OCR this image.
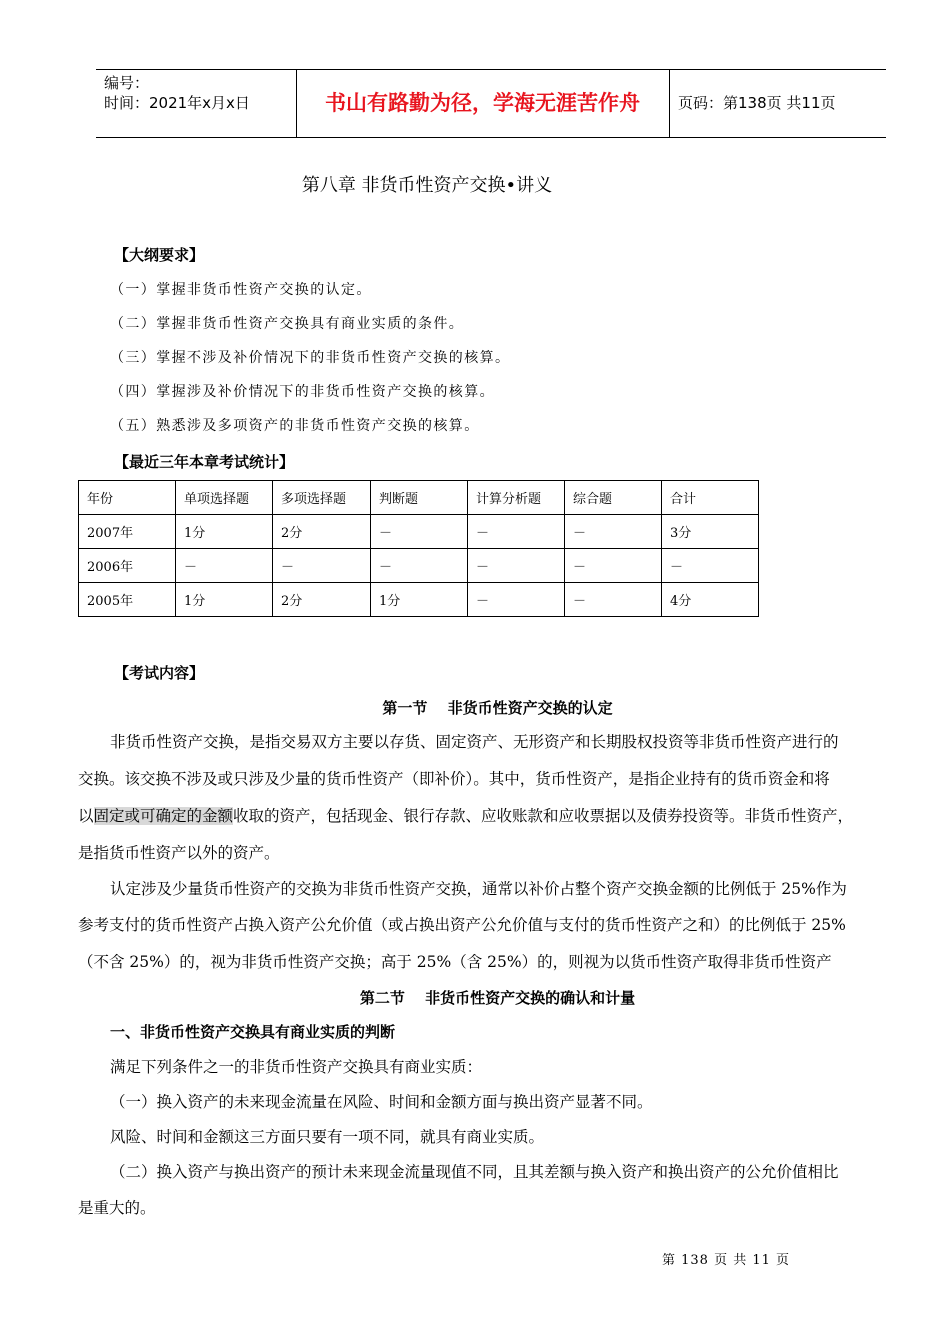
编号：
时间：2021年x月x日	书山有路勤为径，学海无涯苦作舟	页码：第138页 共11页
第八章 非货币性资产交换•讲义
【大纲要求】
（一）掌握非货币性资产交换的认定。
（二）掌握非货币性资产交换具有商业实质的条件。
（三）掌握不涉及补价情况下的非货币性资产交换的核算。
（四）掌握涉及补价情况下的非货币性资产交换的核算。
（五）熟悉涉及多项资产的非货币性资产交换的核算。
【最近三年本章考试统计】
年份	单项选择题	多项选择题	判断题	计算分析题	综合题	合计
2007年	1分	2分	－	－	－	3分
2006年	－	－	－	－	－	－
2005年	1分	2分	1分	－	－	4分
【考试内容】
第一节　 非货币性资产交换的认定
非货币性资产交换，是指交易双方主要以存货、固定资产、无形资产和长期股权投资等非货币性资产进行的
交换。该交换不涉及或只涉及少量的货币性资产（即补价）。其中，货币性资产，是指企业持有的货币资金和将
以固定或可确定的金额收取的资产，包括现金、银行存款、应收账款和应收票据以及债券投资等。非货币性资产，
是指货币性资产以外的资产。
认定涉及少量货币性资产的交换为非货币性资产交换，通常以补价占整个资产交换金额的比例低于 25%作为
参考支付的货币性资产占换入资产公允价值（或占换出资产公允价值与支付的货币性资产之和）的比例低于 25%
（不含 25%）的，视为非货币性资产交换；高于 25%（含 25%）的，则视为以货币性资产取得非货币性资产
第二节　 非货币性资产交换的确认和计量
一、非货币性资产交换具有商业实质的判断
满足下列条件之一的非货币性资产交换具有商业实质：
（一）换入资产的未来现金流量在风险、时间和金额方面与换出资产显著不同。
风险、时间和金额这三方面只要有一项不同，就具有商业实质。
（二）换入资产与换出资产的预计未来现金流量现值不同，且其差额与换入资产和换出资产的公允价值相比
是重大的。
第 138 页 共 11 页
